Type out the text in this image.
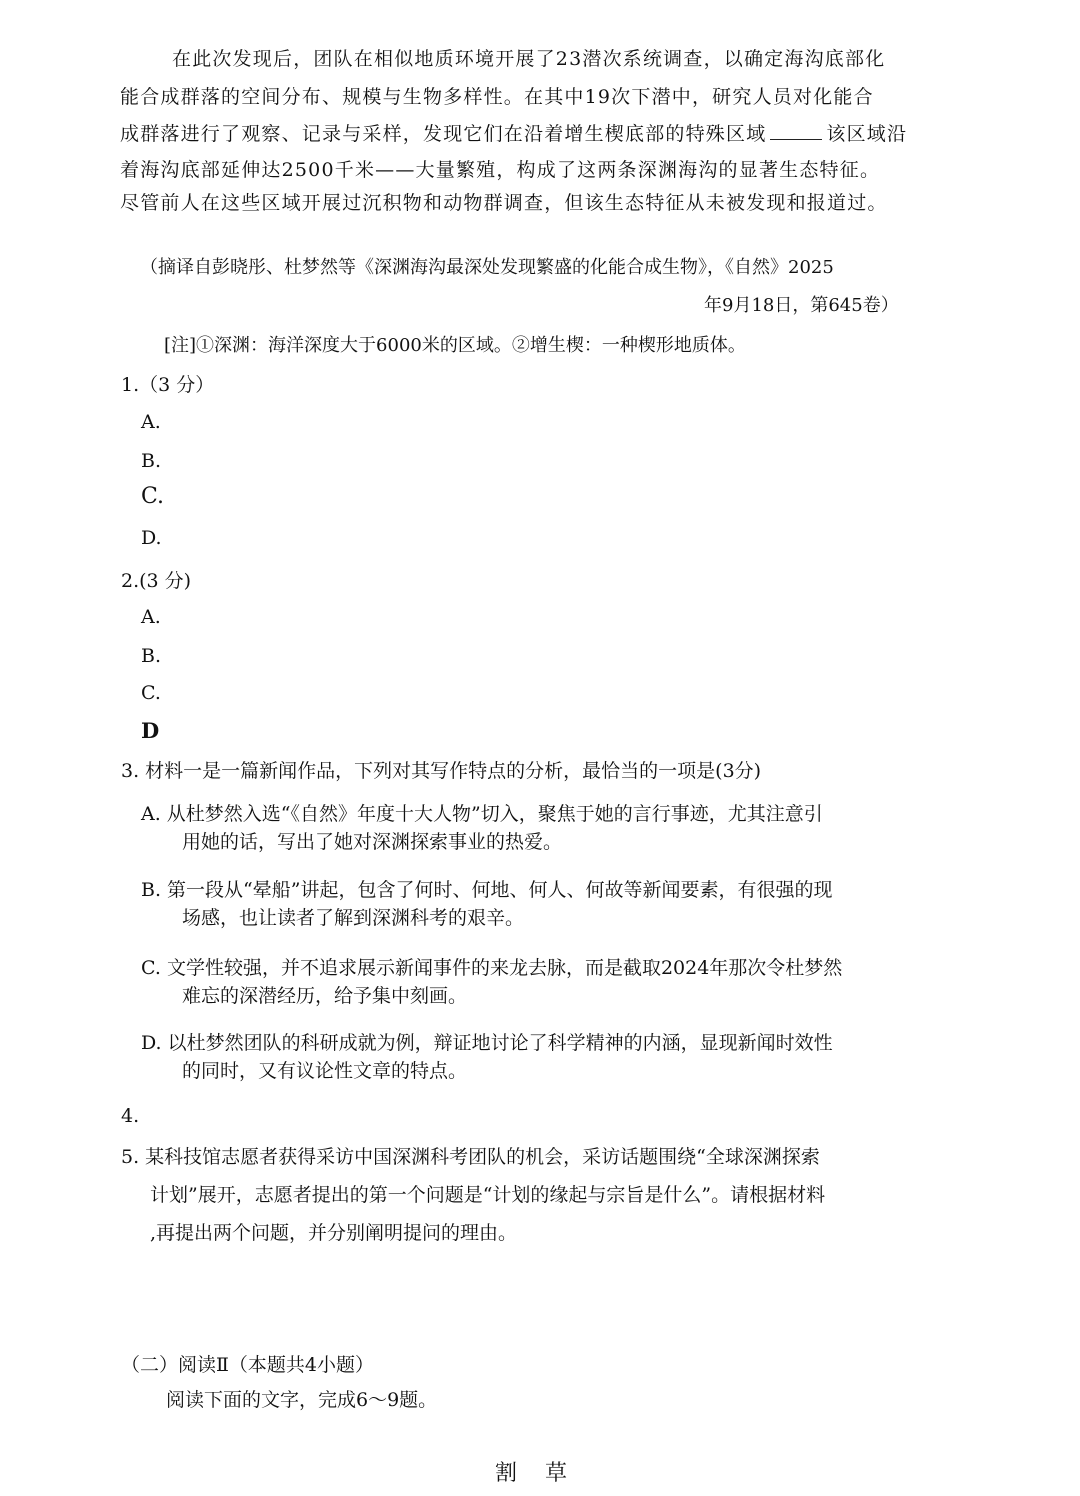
在此次发现后，团队在相似地质环境开展了23潜次系统调查，以确定海沟底部化
能合成群落的空间分布、规模与生物多样性。在其中19次下潜中，研究人员对化能合
成群落进行了观察、记录与采样，发现它们在沿着增生楔底部的特殊区域	该区域沿
着海沟底部延伸达2500千米——大量繁殖，构成了这两条深渊海沟的显著生态特征。
尽管前人在这些区域开展过沉积物和动物群调查，但该生态特征从未被发现和报道过。
（摘译自彭晓彤、杜梦然等《深渊海沟最深处发现繁盛的化能合成生物》，《自然》2025
年9月18日，第645卷）
[注]①深渊：海洋深度大于6000米的区域。②增生楔：一种楔形地质体。
1.（3 分）
A.
B.
C.
D.
2.(3 分)
A.
B.
C.
D
3. 材料一是一篇新闻作品，下列对其写作特点的分析，最恰当的一项是(3分)
A. 从杜梦然入选“《自然》年度十大人物”切入，聚焦于她的言行事迹，尤其注意引
用她的话，写出了她对深渊探索事业的热爱。
B. 第一段从“晕船”讲起，包含了何时、何地、何人、何故等新闻要素，有很强的现
场感，也让读者了解到深渊科考的艰辛。
C. 文学性较强，并不追求展示新闻事件的来龙去脉，而是截取2024年那次令杜梦然
难忘的深潜经历，给予集中刻画。
D. 以杜梦然团队的科研成就为例，辩证地讨论了科学精神的内涵，显现新闻时效性
的同时，又有议论性文章的特点。
4.
5. 某科技馆志愿者获得采访中国深渊科考团队的机会，采访话题围绕“全球深渊探索
计划”展开，志愿者提出的第一个问题是“计划的缘起与宗旨是什么”。请根据材料
,再提出两个问题，并分别阐明提问的理由。
（二）阅读Ⅱ（本题共4小题）
阅读下面的文字，完成6～9题。
割草
